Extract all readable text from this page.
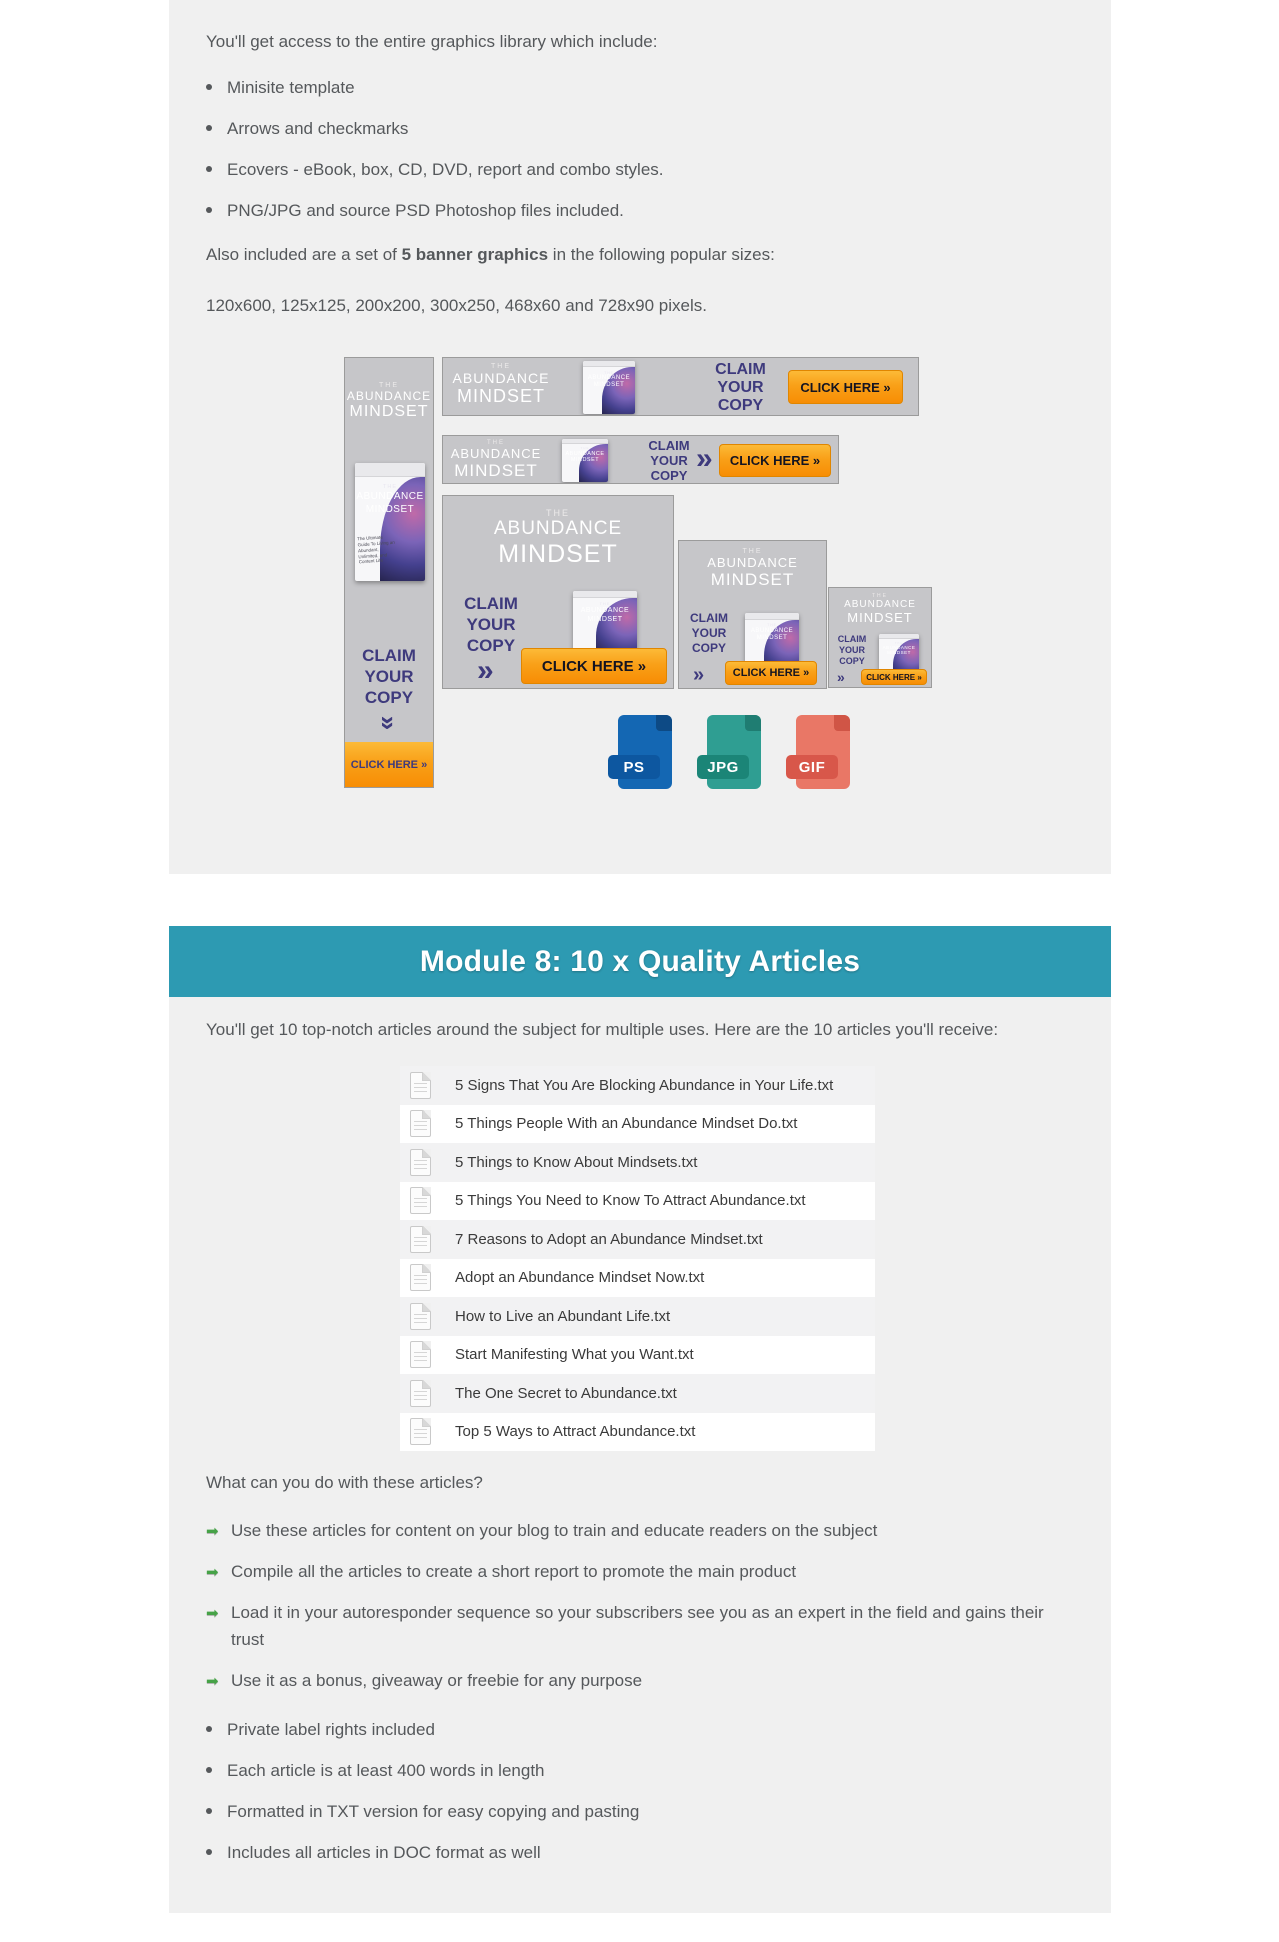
You'll get access to the entire graphics library which include:

Minisite template
Arrows and checkmarks
Ecovers - eBook, box, CD, DVD, report and combo styles.
PNG/JPG and source PSD Photoshop files included.

Also included are a set of 5 banner graphics in the following popular sizes:

120x600, 125x125, 200x200, 300x250, 468x60 and 728x90 pixels.

THE
ABUNDANCE
MINDSET
THE
ABUNDANCE
MINDSET
The Ultimate Guide To Living an Abundant, Unlimited, and Content Life
CLAIM
YOUR
COPY
»
CLICK HERE »
THE
ABUNDANCE
MINDSET
THE
ABUNDANCE
MINDSET
CLAIM
YOUR
COPY
CLICK HERE »
THE
ABUNDANCE
MINDSET
THE
ABUNDANCE
MINDSET
CLAIM
YOUR
COPY
»	CLICK HERE »
THE
ABUNDANCE
MINDSET
CLAIM
YOUR
COPY
THE
ABUNDANCE
MINDSET
»	CLICK HERE »
THE
ABUNDANCE
MINDSET
CLAIM
YOUR
COPY
THE
ABUNDANCE
MINDSET
»	CLICK HERE »
THE
ABUNDANCE
MINDSET
CLAIM
YOUR
COPY
THE
ABUNDANCE
MINDSET
»	CLICK HERE »
PS	JPG	GIF
Module 8: 10 x Quality Articles

You'll get 10 top-notch articles around the subject for multiple uses. Here are the 10 articles you'll receive:

5 Signs That You Are Blocking Abundance in Your Life.txt
5 Things People With an Abundance Mindset Do.txt
5 Things to Know About Mindsets.txt
5 Things You Need to Know To Attract Abundance.txt
7 Reasons to Adopt an Abundance Mindset.txt
Adopt an Abundance Mindset Now.txt
How to Live an Abundant Life.txt
Start Manifesting What you Want.txt
The One Secret to Abundance.txt
Top 5 Ways to Attract Abundance.txt

What can you do with these articles?

➡ Use these articles for content on your blog to train and educate readers on the subject
➡ Compile all the articles to create a short report to promote the main product
➡ Load it in your autoresponder sequence so your subscribers see you as an expert in the field and gains their trust
➡ Use it as a bonus, giveaway or freebie for any purpose
Private label rights included
Each article is at least 400 words in length
Formatted in TXT version for easy copying and pasting
Includes all articles in DOC format as well
